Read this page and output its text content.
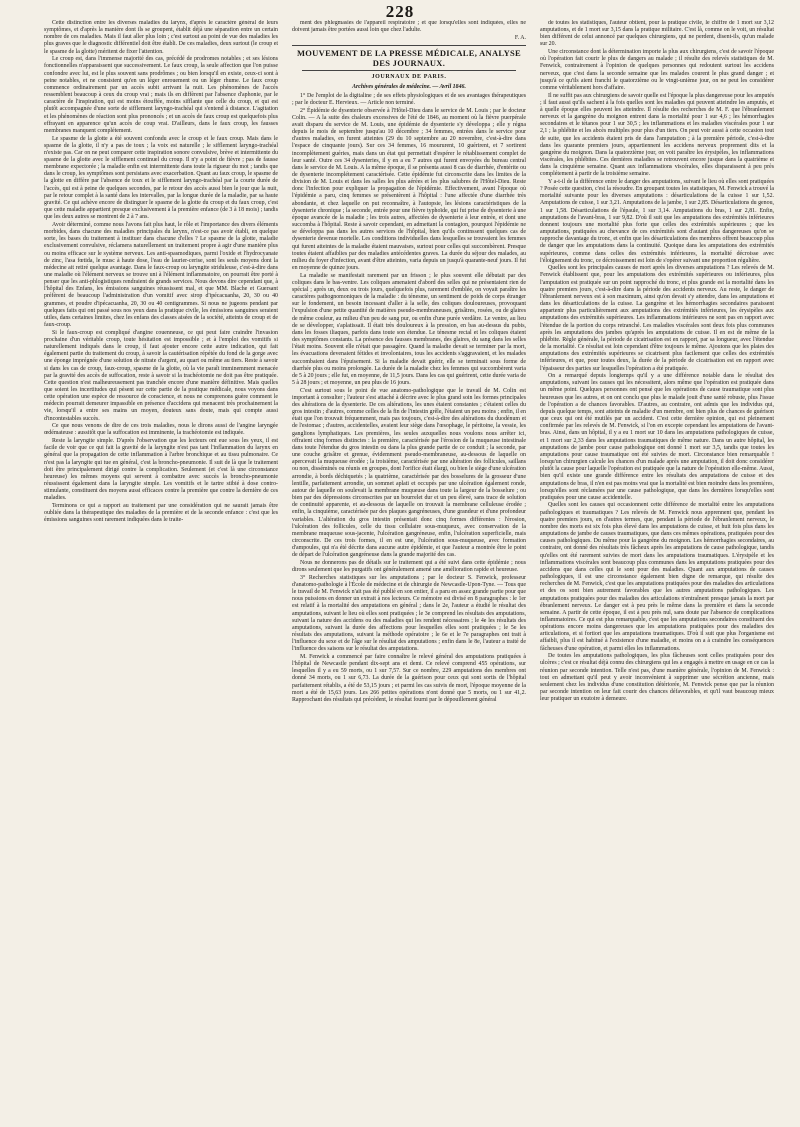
228

Cette distinction entre les diverses maladies du larynx, d'après le caractère général de leurs symptômes, et d'après la manière dont ils se groupent, établit déjà une séparation entre un certain nombre de ces maladies. Mais il faut aller plus loin ; c'est surtout au point de vue des maladies les plus graves que le diagnostic différentiel doit être établi. De ces maladies, deux surtout (le croup et le spasme de la glotte) méritent de fixer l'attention.

Le croup est, dans l'immense majorité des cas, précédé de prodromes notables ; et ses lésions fonctionnelles n'apparaissent que successivement. Le faux croup, la seule affection que l'on puisse confondre avec lui, est le plus souvent sans prodrômes ; ou bien lorsqu'il en existe, ceux-ci sont à peine notables, et ne consistent qu'en un léger enrouement ou un léger rhume. Le faux croup commence ordinairement par un accès subit arrivant la nuit. Les phénomènes de l'accès ressemblent beaucoup à ceux du croup vrai ; mais ils en diffèrent par l'absence d'aphonie, par le caractère de l'inspiration, qui est moins étouffée, moins sifflante que celle du croup, et qui est plutôt accompagnée d'une sorte de sifflement laryngo-trachéal qui s'entend à distance. L'agitation et les phénomènes de réaction sont plus prononcés ; et un accès de faux croup est quelquefois plus effrayant en apparence qu'un accès de coup vrai. D'ailleurs, dans le faux croup, les fausses membranes manquent complétement.

Le spasme de la glotte a été souvent confondu avec le croup et le faux croup. Mais dans le spasme de la glotte, il n'y a pas de toux ; la voix est naturelle ; le sifflement laryngo-trachéal n'existe pas. Car on ne peut comparer cette inspiration sonore convulsive, brève et intermittente du spasme de la glotte avec le sifflement continuel du croup. Il n'y a point de fièvre ; pas de fausse membrane expectorée ; la maladie enfin est intermittente dans toute la rigueur du mot ; tandis que dans le croup, les symptômes sont persistans avec exacerbation. Quant au faux croup, le spasme de la glotte en diffère par l'absence de toux et le sifflement laryngo-trachéal par la courte durée de l'accès, qui est à peine de quelques secondes, par le retour des accès aussi bien le jour que la nuit, par le retour complet à la santé dans les intervalles, par la longue durée de la maladie, par sa haute gravité. Ce qui achève encore de distinguer le spasme de la glotte du croup et du faux croup, c'est que cette maladie appartient presque exclusivement à la première enfance (de 3 à 18 mois) ; tandis que les deux autres se montrent de 2 à 7 ans.

Avoir déterminé, comme nous l'avons fait plus haut, le rôle et l'importance des divers éléments morbides, dans chacune des maladies principales du larynx, n'est-ce pas avoir établi, en quelque sorte, les bases du traitement à instituer dans chacune d'elles ? Le spasme de la glotte, maladie exclusivement convulsive, réclamera naturellement un traitement propre à agir d'une manière plus ou moins efficace sur le système nerveux. Les anti-spasmodiques, parmi l'oxide et l'hydrocyanate de zinc, l'asa fœtida, le musc à haute dose, l'eau de laurier-cerise, sont les seuls moyens dont la médecine ait retiré quelque avantage. Dans le faux-croup ou laryngite striduleuse, c'est-à-dire dans une maladie où l'élément nerveux se trouve uni à l'élément inflammatoire, on pourrait être porté à penser que les anti-phlogistiques rendraient de grands services. Nous devons dire cependant que, à l'hôpital des Enfans, les émissions sanguines réussissent mal, et que MM. Blache et Guersant préfèrent de beaucoup l'administration d'un vomitif avec sirop d'ipécacuanha, 20, 30 ou 40 grammes, et poudre d'ipécacuanha, 20, 30 ou 40 centigrammes. Si nous ne jugeons pendant par quelques faits qui ont passé sous nos yeux dans la pratique civile, les émissions sanguines seraient utiles, dans certaines limites, chez les enfans des classes aisées de la société, atteints de croup et de faux-croup.

Si le faux-croup est compliqué d'angine couenneuse, ce qui peut faire craindre l'invasion prochaine d'un véritable croup, toute hésitation est impossible ; et à l'emploi des vomitifs si naturellement indiqués dans le croup, il faut ajouter encore cette autre indication, qui fait également partie du traitement du croup, à savoir la cautérisation répétée du fond de la gorge avec une éponge imprégnée d'une solution de nitrate d'argent, au quart ou même au tiers. Reste à savoir si dans les cas de croup, faux-croup, spasme de la glotte, où la vie paraît imminemment menacée par la gravité des accès de suffocation, reste à savoir si la trachéotomie ne doit pas être pratiquée. Cette question n'est malheureusement pas tranchée encore d'une manière définitive. Mais quelles que soient les incertitudes qui pèsent sur cette partie de la pratique médicale, nous voyons dans cette opération une espèce de ressource de conscience, et nous ne comprenons guère comment le médecin pourrait demeurer impassible en présence d'accidens qui menacent très prochainement la vie, lorsqu'il a entre ses mains un moyen, douteux sans doute, mais qui compte aussi d'incontestables succès.

Ce que nous venons de dire de ces trois maladies, nous le dirons aussi de l'angine laryngée œdémateuse : aussitôt que la suffocation est imminente, la trachéotomie est indiquée.

Reste la laryngite simple. D'après l'observation que les lecteurs ont eue sous les yeux, il est facile de voir que ce qui fait la gravité de la laryngite n'est pas tant l'inflammation du larynx en général que la propagation de cette inflammation à l'arbre bronchique et au tissu pulmonaire. Ce n'est pas la laryngite qui tue en général, c'est la broncho-pneumonie. Il suit de là que le traitement doit être principalement dirigé contre la complication. Seulement (et c'est là une circonstance heureuse) les mêmes moyens qui servent à combattre avec succès la broncho-pneumonie réussissent également dans la laryngite simple. Les vomitifs et le tartre stibié à dose contro-stimulante, constituent des moyens aussi efficaces contre la première que contre la dernière de ces maladies.

Terminons ce qui a rapport au traitement par une considération qui ne saurait jamais être oubliée dans la thérapeutique des maladies de la première et de la seconde enfance : c'est que les émissions sanguines sont rarement indiquées dans le traite-

ment des phlegmasies de l'appareil respiratoire ; et que lorsqu'elles sont indiquées, elles ne doivent jamais être portées aussi loin que chez l'adulte.

F. A.

MOUVEMENT DE LA PRESSE MÉDICALE, ANALYSE DES JOURNAUX.
JOURNAUX DE PARIS.

Archives générales de médecine. — Avril 1846.

1° De l'emploi de la digitaline ; de ses effets physiologiques et de ses avantages thérapeutiques ; par le docteur E. Hervieux. — Article non terminé.

2° Épidémie de dysenterie observée à l'Hôtel-Dieu dans le service de M. Louis ; par le docteur Colin. — A la suite des chaleurs excessives de l'été de 1846, au moment où la fièvre puerpérale avait disparu du service de M. Louis, une épidémie de dysenterie s'y développa ; elle y régna depuis le mois de septembre jusqu'au 10 décembre ; 34 femmes, entrées dans le service pour d'autres maladies, en furent atteintes (29 du 10 septembre au 20 novembre, c'est-à-dire dans l'espace de cinquante jours). Sur ces 34 femmes, 16 moururent, 10 guérirent, et 7 sortirent incomplètement guéries, mais dans un état qui permettait d'espérer le rétablissement complet de leur santé. Outre ces 34 dysenteries, il y en a eu 7 autres qui furent envoyées du bureau central dans le service de M. Louis. A la même époque, il se présenta aussi 8 cas de diarrhée, d'entérite ou de dysenterie incomplétement caractérisée. Cette épidémie fut circonscrite dans les limites de la division de M. Louis et dans les salles les plus aérées et les plus salubres de l'Hôtel-Dieu. Reste donc l'infection pour expliquer la propagation de l'épidémie. Effectivement, avant l'époque où l'épidémie a paru, cinq femmes se présentèrent à l'hôpital : l'une affectée d'une diarrhée très abondante, et chez laquelle on put reconnaître, à l'autopsie, les lésions caractéristiques de la dysenterie chronique ; la seconde, entrée pour une fièvre typhoïde, qui fut prise de dysenterie à une époque avancée de la maladie ; les trois autres, affectées de dysenterie à leur entrée, et dont une succomba à l'hôpital. Reste à savoir cependant, en admettant la contagion, pourquoi l'épidémie ne se développa pas dans les autres services de l'hôpital, bien qu'ils continssent quelques cas de dysenterie devenue mortelle. Les conditions individuelles dans lesquelles se trouvaient les femmes qui furent atteintes de la maladie étaient mauvaises, surtout pour celles qui succombèrent. Presque toutes étaient affaiblies par des maladies antécédentes graves. La durée du séjour des malades, au milieu du foyer d'infection, avant d'être atteintes, varia depuis un jusqu'à quarante-neuf jours. Il fut en moyenne de quinze jours.

La maladie se manifestait rarement par un frisson ; le plus souvent elle débutait par des coliques dans le bas-ventre. Les coliques amenaient d'abord des selles qui ne présentaient rien de spécial ; après un, deux ou trois jours, quelquefois plus, rarement d'emblée, on voyait paraître les caractères pathognomoniques de la maladie : du ténesme, un sentiment de poids de corps étranger sur le fondement, un besoin incessant d'aller à la selle, des coliques douloureuses, provoquant l'expulsion d'une petite quantité de matières pseudo-membraneuses, grisâtres, rosées, ou de glaires de même couleur, au milieu d'un peu de sang pur, ou enfin d'une purée verdâtre. Le ventre, au lieu de se développer, s'aplatissait. Il était très douloureux à la pression, en bas au-dessus du pubis, dans les fosses iliaques, parfois dans toute son étendue. Le ténesme rectal et les coliques étaient des symptômes constants. La présence des fausses membranes, des glaires, du sang dans les selles l'était moins. Souvent elle n'était que passagère. Quand la maladie devait se terminer par la mort, les évacuations devenaient fétides et involontaires, tous les accidents s'aggravaient, et les malades succombaient dans l'épuisement. Si la maladie devait guérir, elle se terminait sous forme de diarrhée plus ou moins prolongée. La durée de la maladie chez les femmes qui succombèrent varia de 5 à 20 jours ; elle fut, en moyenne, de 11,5 jours. Dans les cas qui guérirent, cette durée varia de 5 à 28 jours ; et moyenne, un peu plus de 16 jours.

C'est surtout sous le point de vue anatomo-pathologique que le travail de M. Colin est important à consulter ; l'auteur s'est attaché à décrire avec le plus grand soin les formes principales des altérations de la dysenterie. De ces altérations, les unes étaient constantes ; c'étaient celles du gros intestin ; d'autres, comme celles de la fin de l'intestin grêle, l'étaient un peu moins ; enfin, il en était que l'on trouvait fréquemment, mais pas toujours, c'est-à-dire des altérations du duodénum et de l'estomac ; d'autres, accidentelles, avaient leur siège dans l'œsophage, le péritoine, la vessie, les ganglions lymphatiques. Les premières, les seules auxquelles nous voulons nous arrêter ici, offraient cinq formes distinctes : la première, caractérisée par l'érosion de la muqueuse intestinale dans toute l'étendue du gros intestin ou dans la plus grande partie de ce conduit ; la seconde, par une couche grisâtre et grenue, évidemment pseudo-membraneuse, au-dessous de laquelle on apercevait la muqueuse érodée ; la troisième, caractérisée par une altération des follicules, saillans ou non, disséminés ou réunis en groupes, dont l'orifice était élargi, ou bien le siège d'une ulcération arrondie, à bords déchiquetés ; la quatrième, caractérisée par des bosselures de la grosseur d'une lentille, parfaitement arrondie, un sommet aplati et occupés par une ulcération également ronde, autour de laquelle on soulevait la membrane muqueuse dans toute la largeur de la bosselure ; ou bien par des dépressions circonscrites par un bourrelet dur et un peu élevé, sans trace de solution de continuité apparente, et au-dessous de laquelle on trouvait la membrane celluleuse érodée ; enfin, la cinquième, caractérisée par des plaques gangréneuses, d'une grandeur et d'une profondeur variables. L'altération du gros intestin présentait donc cinq formes différentes : l'érosion, l'ulcération des follicules, celle du tissu cellulaire sous-muqueux, avec conservation de la membrane muqueuse sous-jacente, l'ulcération gangréneuse, enfin, l'ulcération superficielle, mais circonscrite. De ces trois formes, il en est une, l'ulcération sous-muqueuse, avec formation d'ampoules, qui n'a été décrite dans aucune autre épidémie, et que l'auteur a montrée être le point de départ de l'ulcération gangréneuse dans la grande majorité des cas.

Nous ne donnerons pas de détails sur le traitement qui a été suivi dans cette épidémie ; nous dirons seulement que les purgatifs ont généralement amené une amélioration rapide et heureuse.

3° Recherches statistiques sur les amputations ; par le docteur S. Fenwick, professeur d'anatomo-pathologie à l'École de médecine et de chirurgie de Newcastle-Upon-Tyne. — Tous que le travail de M. Fenwick n'ait pas été publié en son entier, il a paru en assez grande partie pour que nous puissions en donner un extrait à nos lecteurs. Ce mémoire est divisé en 8 paragraphes : le 1er est relatif à la mortalité des amputations en général ; dans le 2e, l'auteur a étudié le résultat des amputations, suivant le lieu où elles sont pratiquées ; le 3e comprend les résultats des amputations, suivant la nature des accidens ou des maladies qui les rendent nécessaires ; le 4e les résultats des amputations, suivant la durée des affections pour lesquelles elles sont pratiquées ; le 5e les résultats des amputations, suivant la méthode opératoire ; le 6e et le 7e paragraphes ont trait à l'influence du sexe et de l'âge sur le résultat des amputations ; enfin dans le 8e, l'auteur a traité de l'influence des saisons sur le résultat des amputations.

M. Fenwick a commencé par faire connaître le relevé général des amputations pratiquées à l'hôpital de Newcastle pendant dix-sept ans et demi. Ce relevé comprend 455 opérations, sur lesquelles il y a eu 59 morts, ou 1 sur 7,57. Sur ce nombre, 229 amputations des membres ont donné 34 morts, ou 1 sur 6,73. La durée de la guérison pour ceux qui sont sortis de l'hôpital parfaitement rétablis, a été de 53,15 jours ; et parmi les cas suivis de mort, l'époque moyenne de la mort a été de 15,63 jours. Les 266 petites opérations n'ont donné que 5 morts, ou 1 sur 41,2. Rapprochant des résultats qui précèdent, le résultat fourni par le dépouillement général

de toutes les statistiques, l'auteur obtient, pour la pratique civile, le chiffre de 1 mort sur 3,12 amputations, et de 1 mort sur 3,15 dans la pratique militaire. C'est là, comme on le voit, un résultat bien différent de celui annoncé par quelques chirurgiens, qui ne perdent, disent-ils, qu'un malade sur 20.

Une circonstance dont la détermination importe la plus aux chirurgiens, c'est de savoir l'époque où l'opération fait courir le plus de dangers au malade ; il résulte des relevés statistiques de M. Fenwick, contrairement à l'opinion de quelques personnes qui redoutent surtout les accidens nerveux, que c'est dans la seconde semaine que les malades courent le plus grand danger ; et jusqu'à ce qu'ils aient franchi le quatorzième ou le vingt-unième jour, on ne peut les considérer comme véritablement hors d'affaire.

Il ne suffit pas aux chirurgiens de savoir quelle est l'époque la plus dangereuse pour les amputés ; il faut aussi qu'ils sachent à la fois quelles sont les maladies qui peuvent atteindre les amputés, et à quelle époque elles peuvent les atteindre. Il résulte des recherches de M. F. que l'ébranlement nerveux et la gangrène du moignon entrent dans la mortalité pour 1 sur 4,6 ; les hémorrhagies secondaires et le tétanos pour 1 sur 30,5 ; les inflammations et les maladies viscérales pour 1 sur 2,1 ; la phlébite et les abcès multiples pour plus d'un tiers. On peut voir aussi à cette occasion tout de suite, que les accidents étaient pris de dans l'amputation ; à la première période, c'est-à-dire dans les quarante premiers jours, appartiennent les accidens nerveux proprement dits et la gangrène du moignon. Dans la quatorzième jour, on voit paraître les érysipèles, les inflammations viscérales, les phlébites. Ces dernières maladies se retrouvent encore jusque dans la quatrième et dans la cinquième semaine. Quant aux inflammations viscérales, elles disparaissent à peu près complétement à partir de la troisième semaine.

Y a-t-il de la différence entre le danger des amputations, suivant le lieu où elles sont pratiquées ? Posée cette question, c'est la résoudre. En groupant toutes les statistiques, M. Fenwick a trouvé la mortalité suivante pour les diverses amputations : désarticulations de la cuisse 1 sur 1,52. Amputations de cuisse, 1 sur 3,21. Amputations de la jambe, 1 sur 2,85. Désarticulations du genou, 1 sur 1,58. Désarticulations de l'épaule, 1 sur 3,14. Amputations du bras, 1 sur 2,81. Enfin, amputations de l'avant-bras, 1 sur 9,82. D'où il suit que les amputations des extrémités inférieures donnent toujours une mortalité plus forte que celles des extrémités supérieures ; que les amputations, pratiquées au chevance de ces extrémités sont d'autant plus dangereuses qu'on se rapproche davantage du tronc, et enfin que les désarticulations des membres offrent beaucoup plus de danger que les amputations dans la continuité. Quoique dans les amputations des extrémités supérieures, comme dans celles des extrémités inférieures, la mortalité décroisse avec l'éloignement du tronc, ce décroissement est loin de s'opérer suivant une proportion régulière.

Quelles sont les principales causes de mort après les diverses amputations ? Les relevés de M. Fenwick établissent que, pour les amputations des extrémités supérieures ou inférieures, plus l'amputation est pratiquée sur un point rapproché du tronc, et plus grande est la mortalité dans les quatre premiers jours, c'est-à-dire dans la période des accidents nerveux. Au reste, le danger de l'ébranlement nerveux est à son maximum, ainsi qu'on devait s'y attendre, dans les amputations et dans les désarticulations de la cuisse. La gangrène et les hémorrhagies secondaires paraissent appartenir plus particulièrement aux amputations des extrémités inférieures, les érysipèles aux amputations des extrémités supérieures. Les inflammations intérieures ne sont pas en rapport avec l'étendue de la portion du corps retranché. Les maladies viscérales sont deux fois plus communes après les amputations des jambes qu'après les amputations de cuisse. Il en est de même de la phlébite. Règle générale, la période de cicatrisation est en rapport, par sa longueur, avec l'étendue de la mortalité. Ce résultat est loin cependant d'être toujours le même. Ajoutons que les plaies des amputations des extrémités supérieures se cicatrisent plus facilement que celles des extrémités inférieures, et que, pour toutes deux, la durée de la période de cicatrisation est en rapport avec l'épaisseur des parties sur lesquelles l'opération a été pratiquée.

On a remarqué depuis longtemps qu'il y a une différence notable dans le résultat des amputations, suivant les causes qui les nécessitent, alors même que l'opération est pratiquée dans un même point. Quelques personnes ont pensé que les opérations de cause traumatique sont plus heureuses que les autres, et on ont conclu que plus le malade jouit d'une santé robuste, plus l'issue de l'opération a de chances favorables. D'autres, au contraire, ont admis que les individus qui, depuis quelque temps, sont atteints de maladie d'un membre, ont bien plus de chances de guérison que ceux qui ont été mutilés par un accident. C'est cette dernière opinion, qui est pleinement confirmée par les relevés de M. Fenwick, si l'on en excepte cependant les amputations de l'avant-bras. Ainsi, dans un hôpital, il y a eu 1 mort sur 10 dans les amputations pathologiques de cuisse, et 1 mort sur 2,33 dans les amputations traumatiques de même nature. Dans un autre hôpital, les amputations de jambe pour cause pathologique ont donné 1 mort sur 3,5, tandis que toutes les amputations pour cause traumatique ont été suivies de mort. Circonstance bien remarquable ! lorsqu'un chirurgien calcule les chances d'un malade après une amputation, il doit donc considérer plutôt la cause pour laquelle l'opération est pratiquée que la nature de l'opération elle-même. Aussi, bien qu'il existe une grande différence entre les résultats des amputations de cuisse et des amputations de bras, il n'en est pas moins vrai que la mortalité est bien moindre dans les premières, lorsqu'elles sont réclamées par une cause pathologique, que dans les dernières lorsqu'elles sont pratiquées pour une cause accidentelle.

Quelles sont les causes qui occasionnent cette différence de mortalité entre les amputations pathologiques et traumatiques ? Les relevés de M. Fenwick nous apprennent que, pendant les quatre premiers jours, en d'autres termes, que, pendant la période de l'ébranlement nerveux, le nombre des morts est six fois plus élevé dans les amputations de cuisse, et huit fois plus dans les amputations de jambe de causes traumatiques, que dans ces mêmes opérations, pratiquées pour des causes pathologiques. Du même pour la gangrène du moignon. Les hémorrhagies secondaires, au contraire, ont donné des résultats très fâcheux après les amputations de cause pathologique, tandis qu'elles ont été rarement suivies de mort dans les amputations traumatiques. L'érysipèle et les inflammations viscérales sont beaucoup plus communes dans les amputations pratiquées pour des accidens que dans celles qui le sont pour des maladies. Quant aux amputations de causes pathologiques, il est une circonstance également bien digne de remarque, qui résulte des recherches de M. Fenwick, c'est que les amputations pratiquées pour des maladies des articulations et des os sont bien autrement favorables que les autres amputations pathologiques. Les amputations pratiquées pour des maladies des articulations n'entraînent presque jamais la mort par ébranlement nerveux. Le danger est à peu près le même dans la première et dans la seconde semaine. A partir de cette époque, il est à peu près nul, sans doute par l'absence de complications inflammatoires. Ce qui est plus remarquable, c'est que les amputations secondaires constituent des opérations encore moins dangereuses que les amputations pratiquées pour des maladies des articulations, et si fortiori que les amputations traumatiques. D'où il suit que plus l'organisme est affaibli, plus il est habitué à l'existence d'une maladie, et moins on a à craindre les conséquences fâcheuses d'une opération, et parmi elles les inflammations.

De toutes les amputations pathologiques, les plus fâcheuses sont celles pratiquées pour des ulcères ; c'est ce résultat déjà connu des chirurgiens qui les a engagés à mettre en usage en ce cas la réunion par seconde intention. Telle n'est pas, d'une manière générale, l'opinion de M. Fenwick : tout en admettant qu'il peut y avoir inconvénient à supprimer une sécrétion ancienne, mais seulement chez les individus d'une constitution détériorée, M. Fenwick pense que par la réunion par seconde intention on leur fait courir des chances défavorables, et qu'il vaut beaucoup mieux leur pratiquer un exutoire à demeure.
